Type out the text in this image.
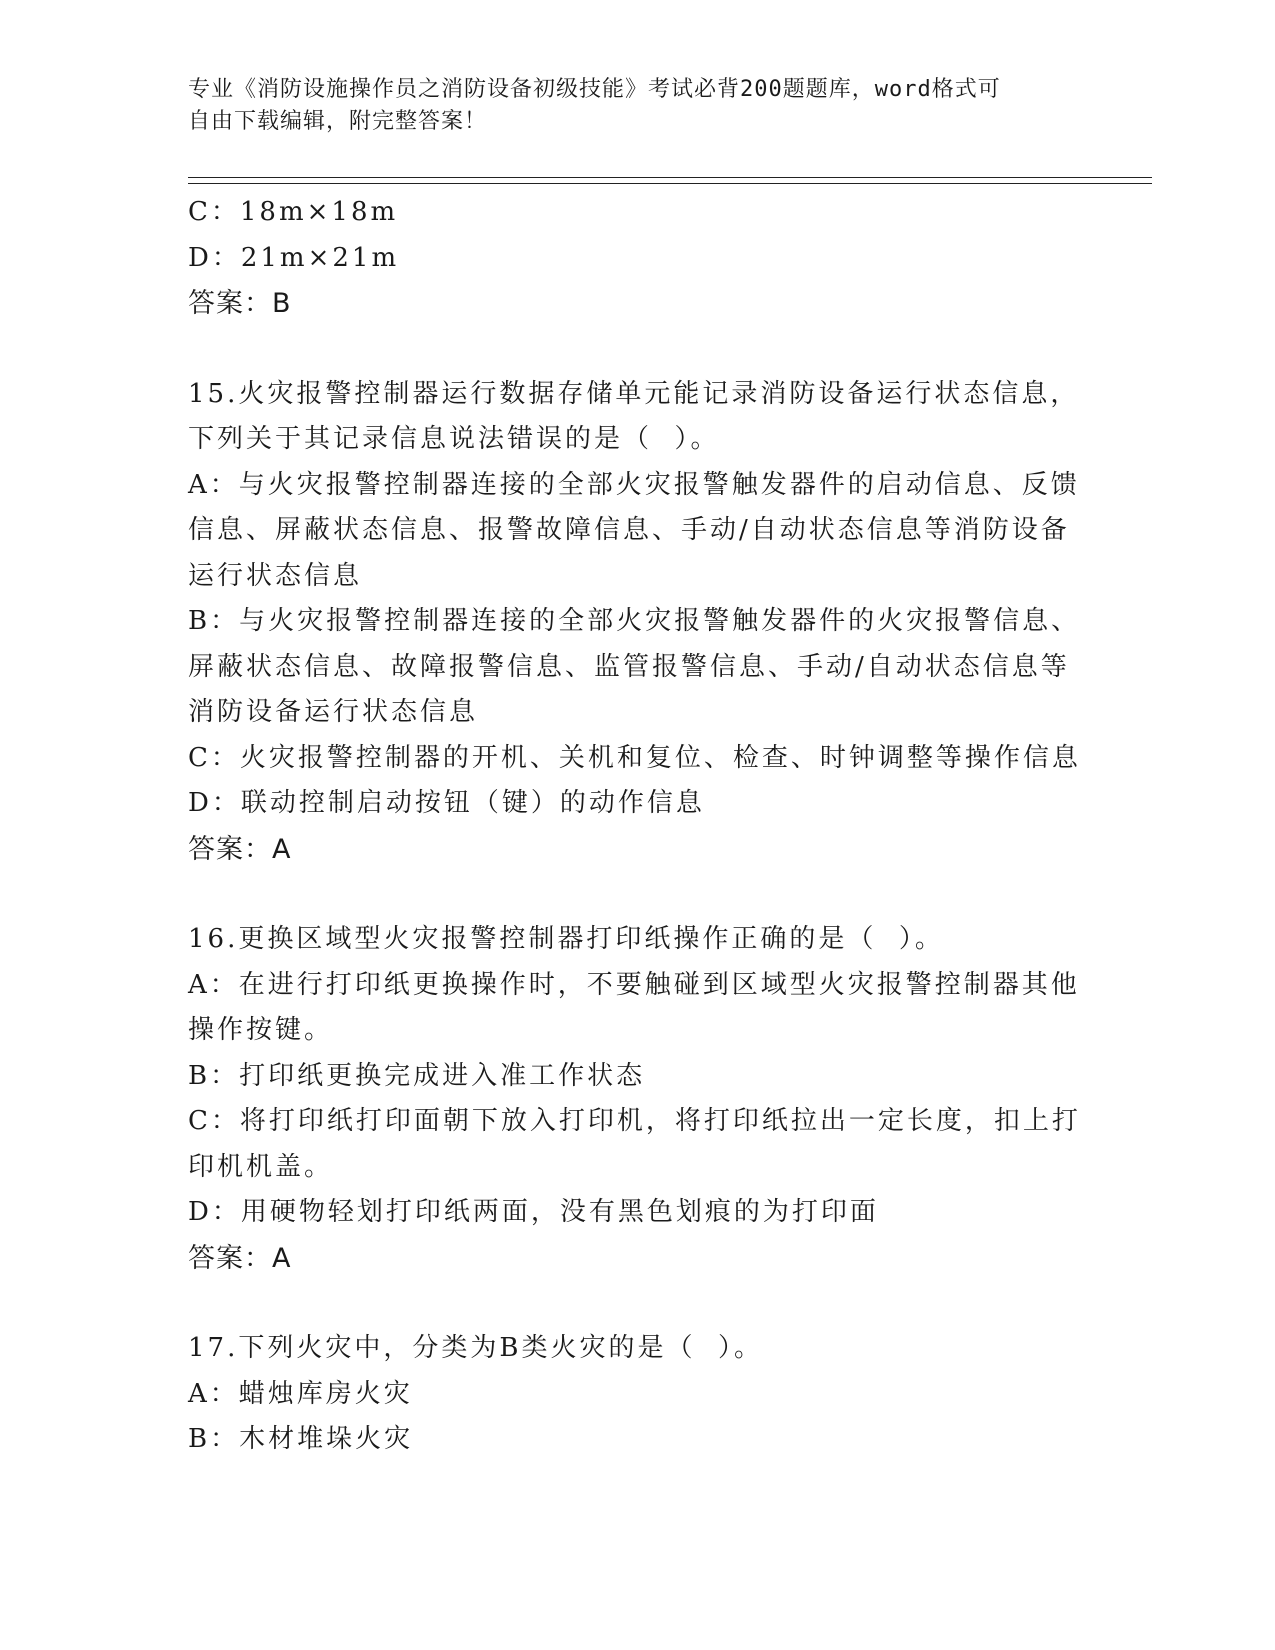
专业《消防设施操作员之消防设备初级技能》考试必背200题题库，word格式可
自由下载编辑，附完整答案！
C：18m×18m
D：21m×21m
答案：B
15.火灾报警控制器运行数据存储单元能记录消防设备运行状态信息，
下列关于其记录信息说法错误的是（  ）。
A：与火灾报警控制器连接的全部火灾报警触发器件的启动信息、反馈
信息、屏蔽状态信息、报警故障信息、手动/自动状态信息等消防设备
运行状态信息
B：与火灾报警控制器连接的全部火灾报警触发器件的火灾报警信息、
屏蔽状态信息、故障报警信息、监管报警信息、手动/自动状态信息等
消防设备运行状态信息
C：火灾报警控制器的开机、关机和复位、检查、时钟调整等操作信息
D：联动控制启动按钮（键）的动作信息
答案：A
16.更换区域型火灾报警控制器打印纸操作正确的是（  ）。
A：在进行打印纸更换操作时，不要触碰到区域型火灾报警控制器其他
操作按键。
B：打印纸更换完成进入准工作状态
C：将打印纸打印面朝下放入打印机，将打印纸拉出一定长度，扣上打
印机机盖。
D：用硬物轻划打印纸两面，没有黑色划痕的为打印面
答案：A
17.下列火灾中，分类为B类火灾的是（  ）。
A：蜡烛库房火灾
B：木材堆垛火灾
